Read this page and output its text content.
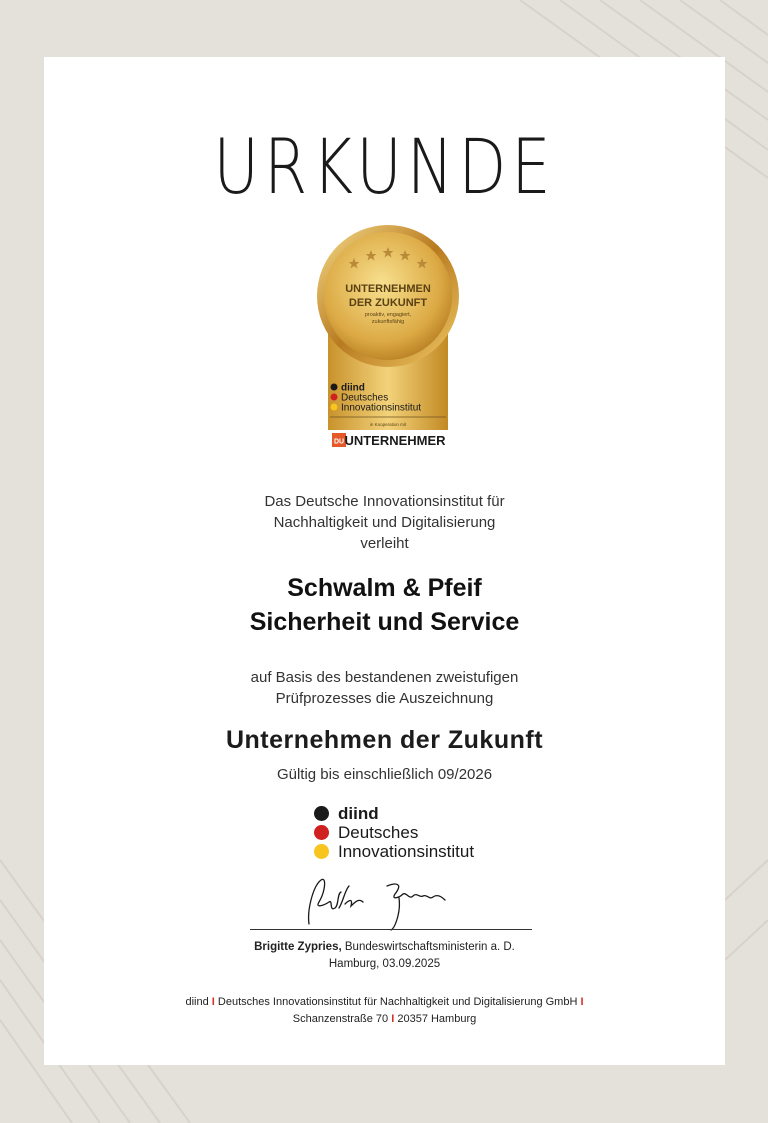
URKUNDE
UNTERNEHMEN
DER ZUKUNFT
proaktiv, engagiert,
zukunftsfähig
diind
Deutsches
Innovationsinstitut
in Kooperation mit
DU UNTERNEHMER
Das Deutsche Innovationsinstitut für
Nachhaltigkeit und Digitalisierung
verleiht
Schwalm & Pfeif
Sicherheit und Service
auf Basis des bestandenen zweistufigen
Prüfprozesses die Auszeichnung
Unternehmen der Zukunft
Gültig bis einschließlich 09/2026
diind
Deutsches
Innovationsinstitut
Brigitte Zypries, Bundeswirtschaftsministerin a. D.
Hamburg, 03.09.2025
diind I Deutsches Innovationsinstitut für Nachhaltigkeit und Digitalisierung GmbH I
Schanzenstraße 70 I 20357 Hamburg
